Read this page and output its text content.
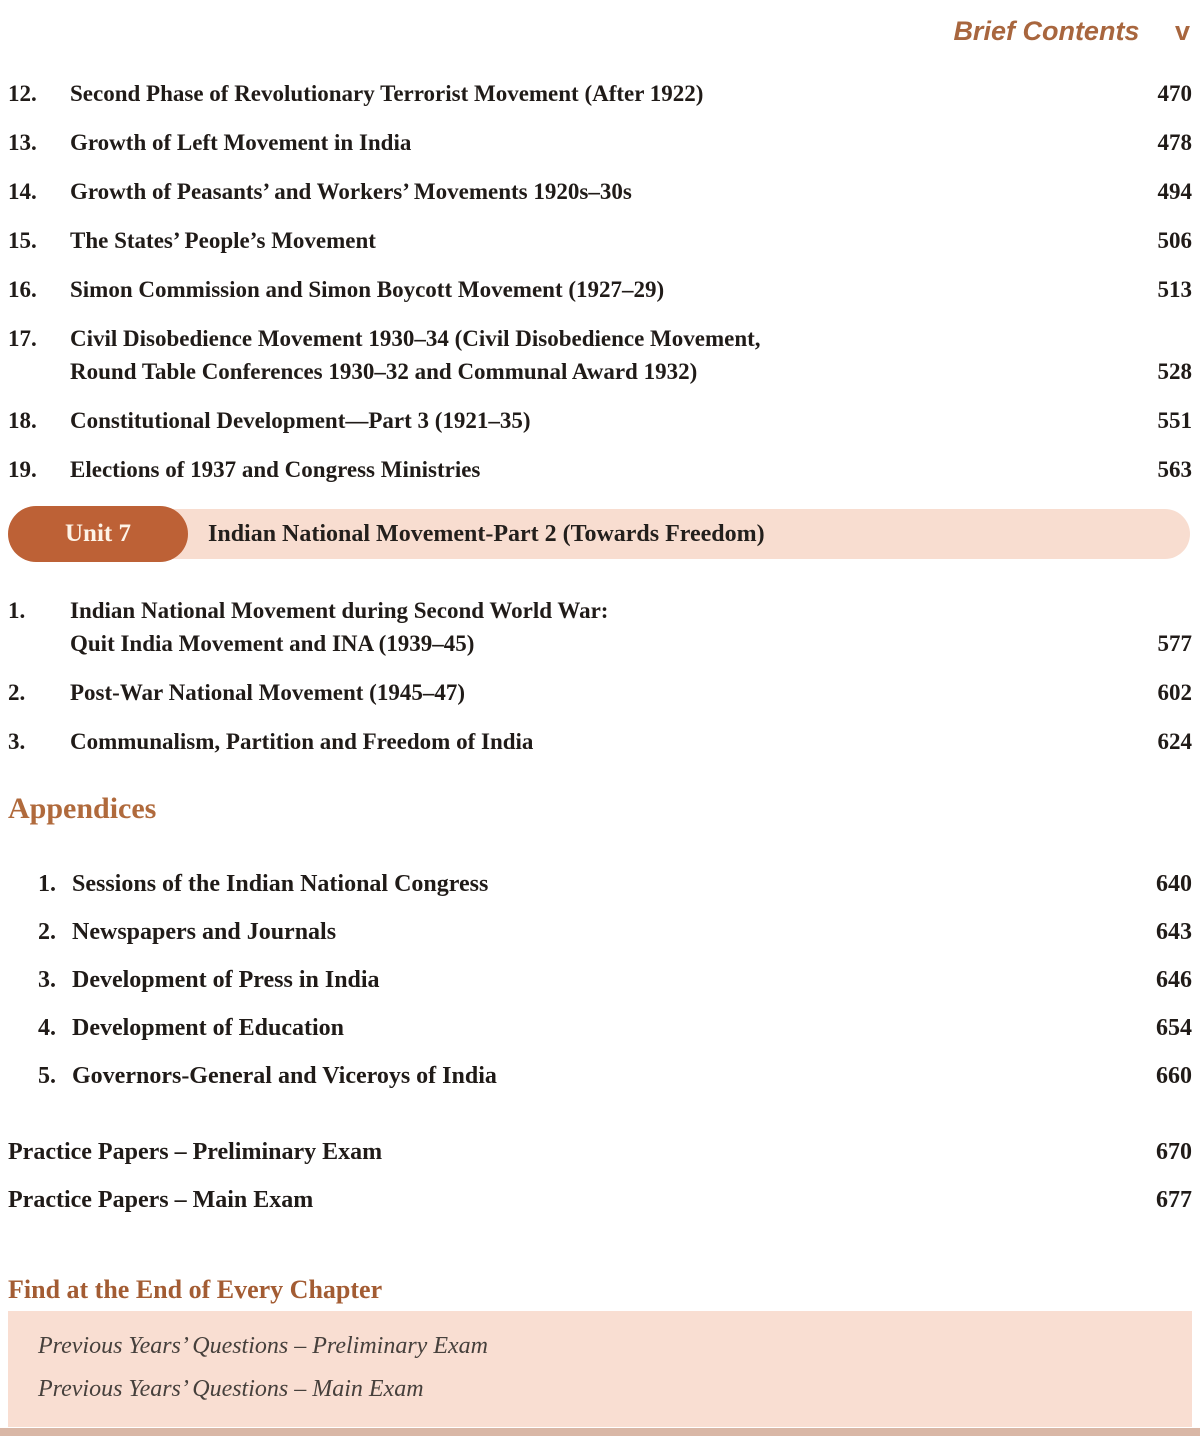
Brief Contents v
12.	Second Phase of Revolutionary Terrorist Movement (After 1922)	470
13.	Growth of Left Movement in India	478
14.	Growth of Peasants’ and Workers’ Movements 1920s–30s	494
15.	The States’ People’s Movement	506
16.	Simon Commission and Simon Boycott Movement (1927–29)	513
17.	Civil Disobedience Movement 1930–34 (Civil Disobedience Movement,
Round Table Conferences 1930–32 and Communal Award 1932)	528
18.	Constitutional Development—Part 3 (1921–35)	551
19.	Elections of 1937 and Congress Ministries	563
Unit 7	Indian National Movement-Part 2 (Towards Freedom)
1.	Indian National Movement during Second World War:
Quit India Movement and INA (1939–45)	577
2.	Post-War National Movement (1945–47)	602
3.	Communalism, Partition and Freedom of India	624
Appendices
1. Sessions of the Indian National Congress	640
2. Newspapers and Journals	643
3. Development of Press in India	646
4. Development of Education	654
5. Governors-General and Viceroys of India	660
Practice Papers – Preliminary Exam	670
Practice Papers – Main Exam	677
Find at the End of Every Chapter
Previous Years’ Questions – Preliminary Exam
Previous Years’ Questions – Main Exam
